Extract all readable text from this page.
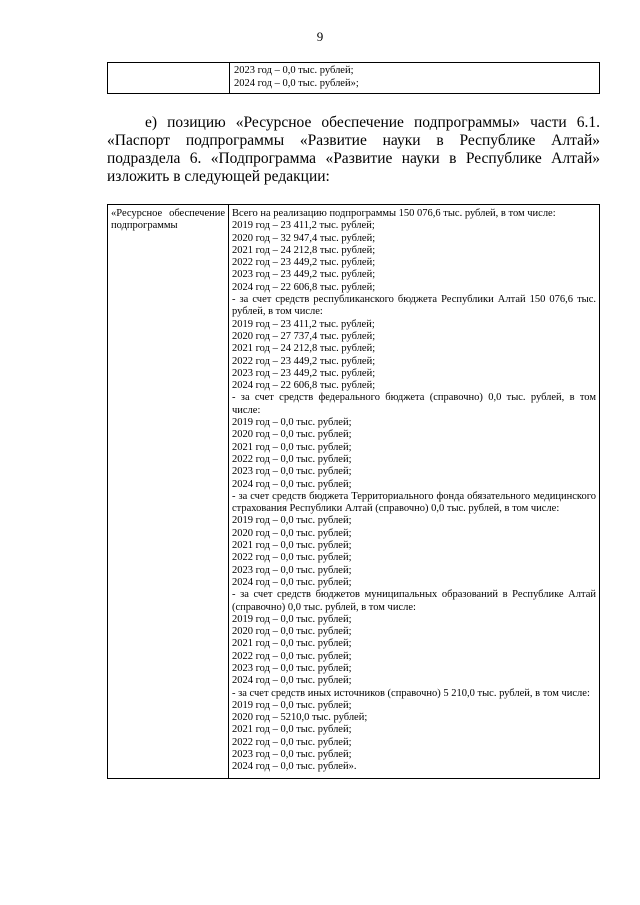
9

2023 год – 0,0 тыс. рублей;
2024 год – 0,0 тыс. рублей»;
е) позицию «Ресурсное обеспечение подпрограммы» части 6.1. «Паспорт подпрограммы «Развитие науки в Республике Алтай» подраздела 6. «Подпрограмма «Развитие науки в Республике Алтай» изложить в следующей редакции:
«Ресурсное обеспечение подпрограммы	
Всего на реализацию подпрограммы 150 076,6 тыс. рублей, в том числе:
2019 год – 23 411,2 тыс. рублей;
2020 год – 32 947,4 тыс. рублей;
2021 год – 24 212,8 тыс. рублей;
2022 год – 23 449,2 тыс. рублей;
2023 год – 23 449,2 тыс. рублей;
2024 год – 22 606,8 тыс. рублей;
- за счет средств республиканского бюджета Республики Алтай 150 076,6 тыс. рублей, в том числе:
2019 год – 23 411,2 тыс. рублей;
2020 год – 27 737,4 тыс. рублей;
2021 год – 24 212,8 тыс. рублей;
2022 год – 23 449,2 тыс. рублей;
2023 год – 23 449,2 тыс. рублей;
2024 год – 22 606,8 тыс. рублей;
- за счет средств федерального бюджета (справочно) 0,0 тыс. рублей, в том числе:
2019 год – 0,0 тыс. рублей;
2020 год – 0,0 тыс. рублей;
2021 год – 0,0 тыс. рублей;
2022 год – 0,0 тыс. рублей;
2023 год – 0,0 тыс. рублей;
2024 год – 0,0 тыс. рублей;
- за счет средств бюджета Территориального фонда обязательного медицинского страхования Республики Алтай (справочно) 0,0 тыс. рублей, в том числе:
2019 год – 0,0 тыс. рублей;
2020 год – 0,0 тыс. рублей;
2021 год – 0,0 тыс. рублей;
2022 год – 0,0 тыс. рублей;
2023 год – 0,0 тыс. рублей;
2024 год – 0,0 тыс. рублей;
- за счет средств бюджетов муниципальных образований в Республике Алтай (справочно) 0,0 тыс. рублей, в том числе:
2019 год – 0,0 тыс. рублей;
2020 год – 0,0 тыс. рублей;
2021 год – 0,0 тыс. рублей;
2022 год – 0,0 тыс. рублей;
2023 год – 0,0 тыс. рублей;
2024 год – 0,0 тыс. рублей;
- за счет средств иных источников (справочно) 5 210,0 тыс. рублей, в том числе:
2019 год – 0,0 тыс. рублей;
2020 год – 5210,0 тыс. рублей;
2021 год – 0,0 тыс. рублей;
2022 год – 0,0 тыс. рублей;
2023 год – 0,0 тыс. рублей;
2024 год – 0,0 тыс. рублей».
